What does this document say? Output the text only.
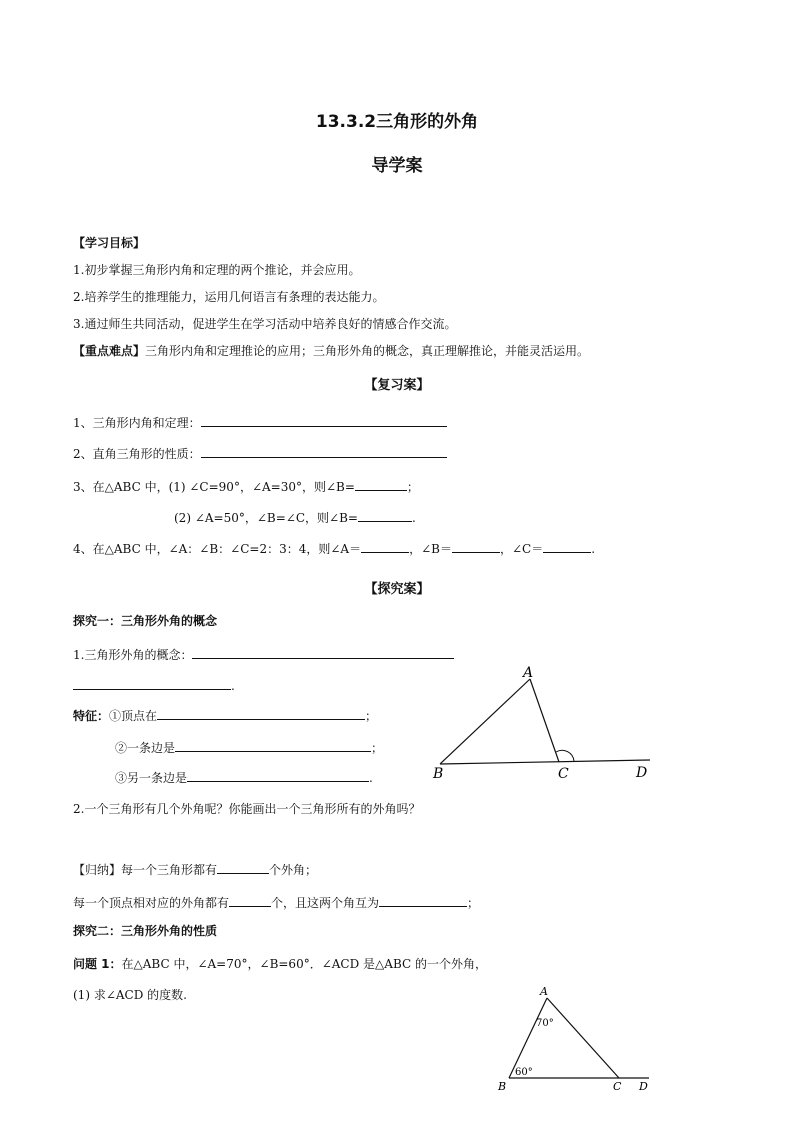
13.3.2三角形的外角
导学案
【学习目标】
1.初步掌握三角形内角和定理的两个推论，并会应用。
2.培养学生的推理能力，运用几何语言有条理的表达能力。
3.通过师生共同活动，促进学生在学习活动中培养良好的情感合作交流。
【重点难点】三角形内角和定理推论的应用；三角形外角的概念，真正理解推论，并能灵活运用。
【复习案】
1、三角形内角和定理：
2、直角三角形的性质：
3、在△ABC 中，(1) ∠C=90°，∠A=30°，则∠B=	；
(2) ∠A=50°，∠B=∠C，则∠B=	.
4、在△ABC 中，∠A：∠B：∠C=2：3：4，则∠A＝	，∠B＝	，∠C＝	.
【探究案】
探究一：三角形外角的概念
1.三角形外角的概念：
.
特征：①顶点在	；
②一条边是	；
③另一条边是	.
A
B	C	D
2.一个三角形有几个外角呢？你能画出一个三角形所有的外角吗？
【归纳】每一个三角形都有	个外角；
每一个顶点相对应的外角都有	个，且这两个角互为	；
探究二：三角形外角的性质
问题 1：在△ABC 中，∠A=70°，∠B=60°．∠ACD 是△ABC 的一个外角，
(1) 求∠ACD 的度数.	A
B	C D
70°
60°
